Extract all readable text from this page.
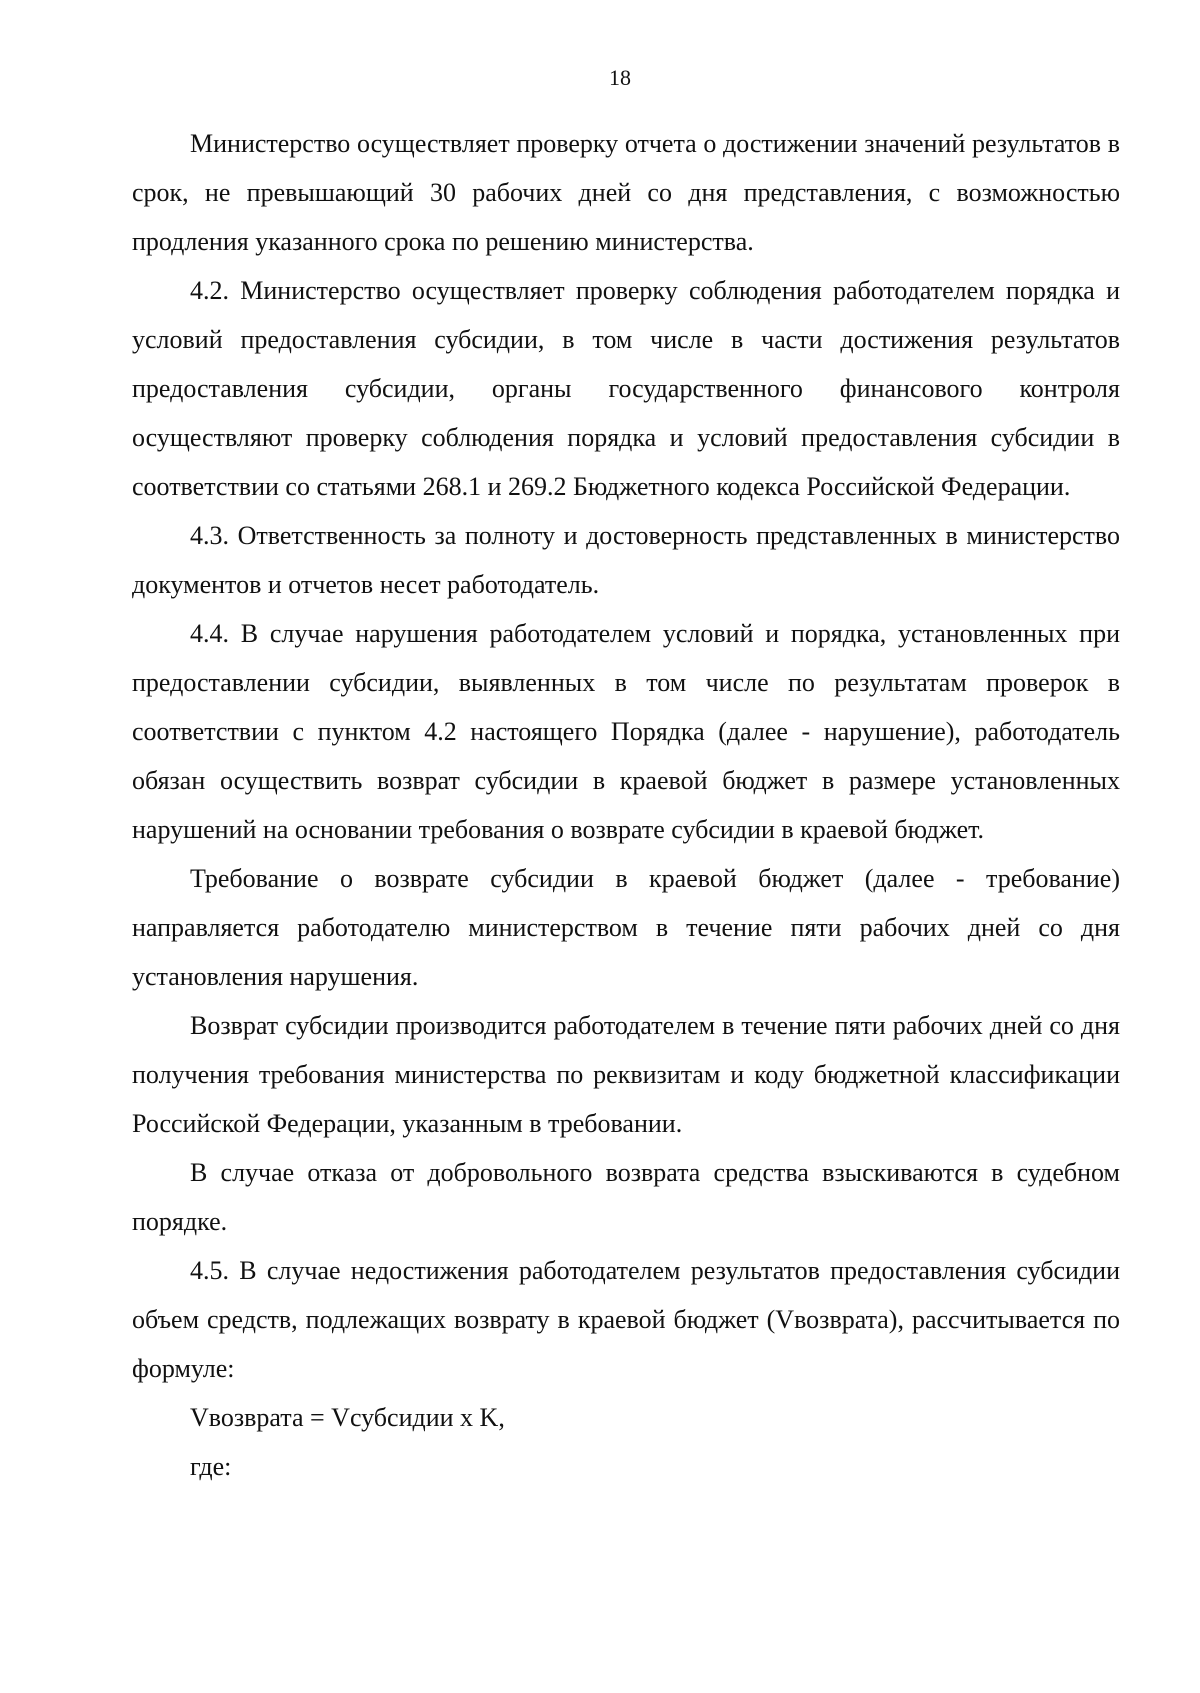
18

Министерство осуществляет проверку отчета о достижении значений результатов в срок, не превышающий 30 рабочих дней со дня представления, с возможностью продления указанного срока по решению министерства.

4.2. Министерство осуществляет проверку соблюдения работодателем порядка и условий предоставления субсидии, в том числе в части достижения результатов предоставления субсидии, органы государственного финансового контроля осуществляют проверку соблюдения порядка и условий предоставления субсидии в соответствии со статьями 268.1 и 269.2 Бюджетного кодекса Российской Федерации.

4.3. Ответственность за полноту и достоверность представленных в министерство документов и отчетов несет работодатель.

4.4. В случае нарушения работодателем условий и порядка, установленных при предоставлении субсидии, выявленных в том числе по результатам проверок в соответствии с пунктом 4.2 настоящего Порядка (далее - нарушение), работодатель обязан осуществить возврат субсидии в краевой бюджет в размере установленных нарушений на основании требования о возврате субсидии в краевой бюджет.

Требование о возврате субсидии в краевой бюджет (далее - требование) направляется работодателю министерством в течение пяти рабочих дней со дня установления нарушения.

Возврат субсидии производится работодателем в течение пяти рабочих дней со дня получения требования министерства по реквизитам и коду бюджетной классификации Российской Федерации, указанным в требовании.

В случае отказа от добровольного возврата средства взыскиваются в судебном порядке.

4.5. В случае недостижения работодателем результатов предоставления субсидии объем средств, подлежащих возврату в краевой бюджет (Vвозврата), рассчитывается по формуле:

Vвозврата = Vсубсидии x K,

где:
